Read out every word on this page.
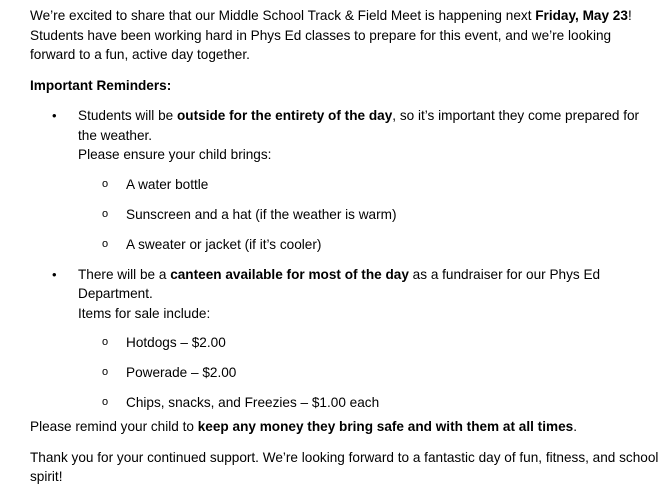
We’re excited to share that our Middle School Track & Field Meet is happening next Friday, May 23! Students have been working hard in Phys Ed classes to prepare for this event, and we’re looking forward to a fun, active day together.

Important Reminders:

• Students will be outside for the entirety of the day, so it’s important they come prepared for the weather.

Please ensure your child brings:

o A water bottle
o Sunscreen and a hat (if the weather is warm)
o A sweater or jacket (if it’s cooler)
• There will be a canteen available for most of the day as a fundraiser for our Phys Ed Department.

Items for sale include:

o Hotdogs – $2.00
o Powerade – $2.00
o Chips, snacks, and Freezies – $1.00 each

Please remind your child to keep any money they bring safe and with them at all times.

Thank you for your continued support. We’re looking forward to a fantastic day of fun, fitness, and school spirit!
